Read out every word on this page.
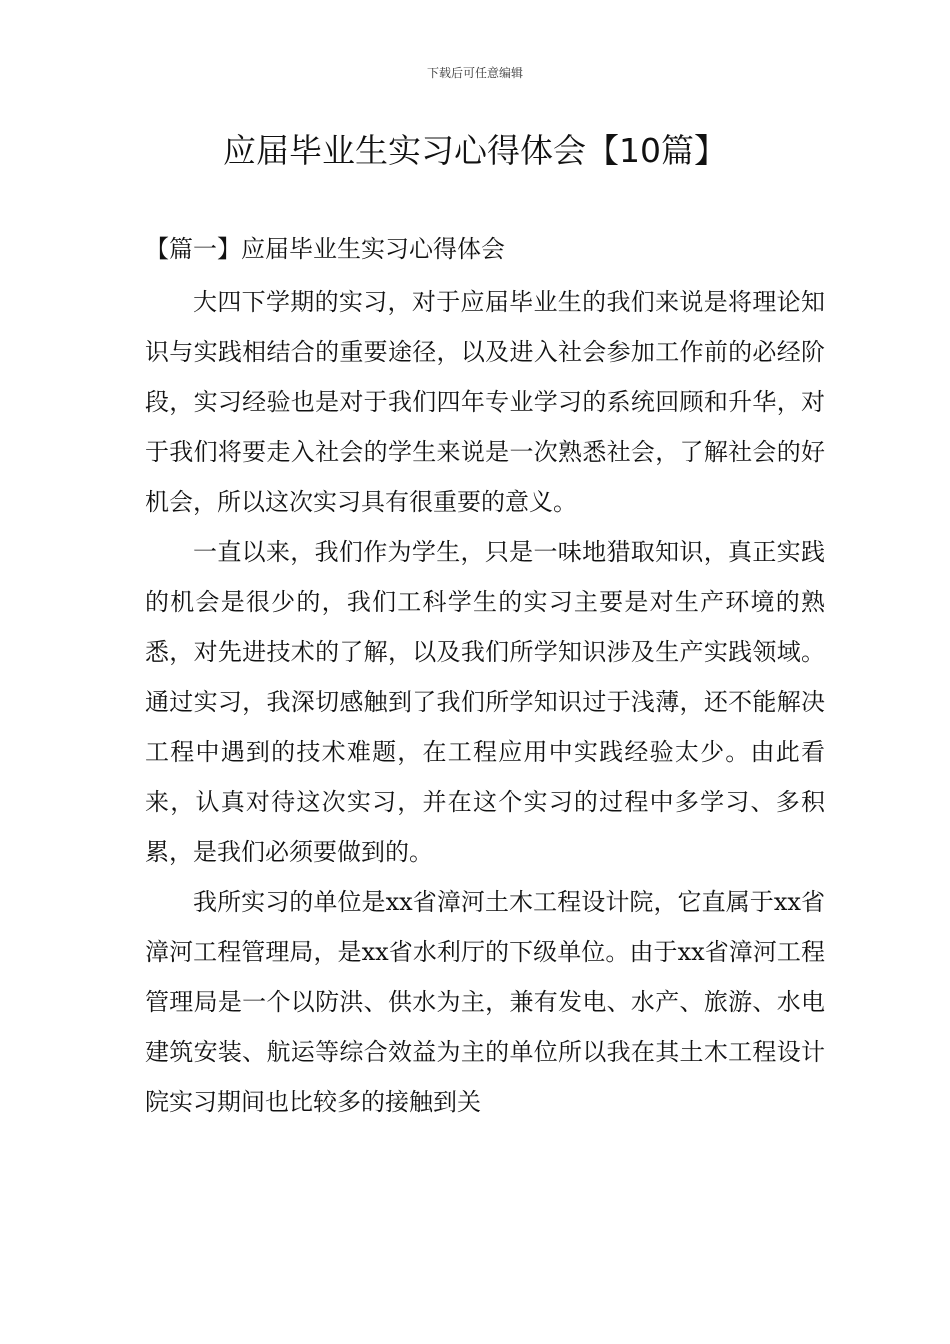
下载后可任意编辑
应届毕业生实习心得体会【10篇】
【篇一】应届毕业生实习心得体会

大四下学期的实习，对于应届毕业生的我们来说是将理论知识与实践相结合的重要途径，以及进入社会参加工作前的必经阶段，实习经验也是对于我们四年专业学习的系统回顾和升华，对于我们将要走入社会的学生来说是一次熟悉社会，了解社会的好机会，所以这次实习具有很重要的意义。

一直以来，我们作为学生，只是一味地猎取知识，真正实践的机会是很少的，我们工科学生的实习主要是对生产环境的熟悉，对先进技术的了解，以及我们所学知识涉及生产实践领域。通过实习，我深切感触到了我们所学知识过于浅薄，还不能解决工程中遇到的技术难题，在工程应用中实践经验太少。由此看来，认真对待这次实习，并在这个实习的过程中多学习、多积累，是我们必须要做到的。

我所实习的单位是xx省漳河土木工程设计院，它直属于xx省漳河工程管理局，是xx省水利厅的下级单位。由于xx省漳河工程管理局是一个以防洪、供水为主，兼有发电、水产、旅游、水电建筑安装、航运等综合效益为主的单位所以我在其土木工程设计院实习期间也比较多的接触到关
